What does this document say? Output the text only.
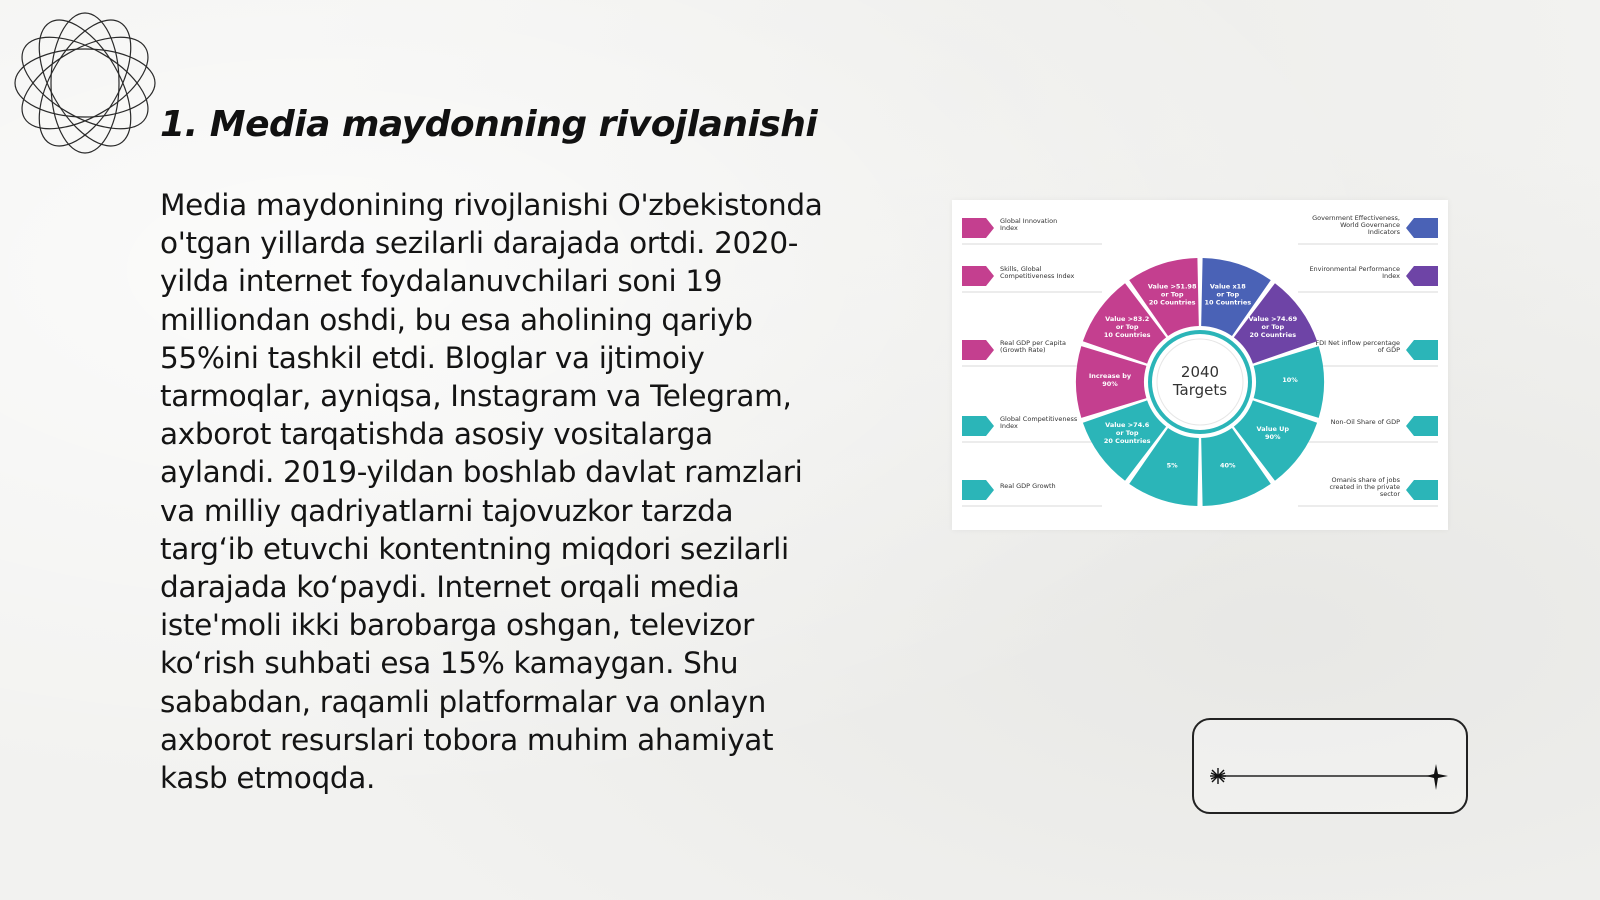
1. Media maydonning rivojlanishi

Media maydonining rivojlanishi O'zbekistonda o'tgan yillarda sezilarli darajada ortdi. 2020-yilda internet foydalanuvchilari soni 19 milliondan oshdi, bu esa aholining qariyb 55%ini tashkil etdi. Bloglar va ijtimoiy tarmoqlar, ayniqsa, Instagram va Telegram, axborot tarqatishda asosiy vositalarga aylandi. 2019-yildan boshlab davlat ramzlari va milliy qadriyatlarni tajovuzkor tarzda targ‘ib etuvchi kontentning miqdori sezilarli darajada ko‘paydi. Internet orqali media iste'moli ikki barobarga oshgan, televizor ko‘rish suhbati esa 15% kamaygan. Shu sababdan, raqamli platformalar va onlayn axborot resurslari tobora muhim ahamiyat kasb etmoqda.

Global Innovation
Index
Skills, Global
Competitiveness Index
Real GDP per Capita
(Growth Rate)
Global Competitiveness
Index
Real GDP Growth
Government Effectiveness,
World Governance
Indicators
Environmental Performance
Index
FDI Net inflow percentage
of GDP
Non-Oil Share of GDP
Omanis share of jobs
created in the private
sector
Value >51.98
or Top
20 Countries
Value x18
or Top
10 Countries
Value >74.69
or Top
20 Countries
10%
Value Up
90%
40%
5%
Value >74.6
or Top
20 Countries
Increase by
90%
Value >83.2
or Top
10 Countries
2040
Targets
